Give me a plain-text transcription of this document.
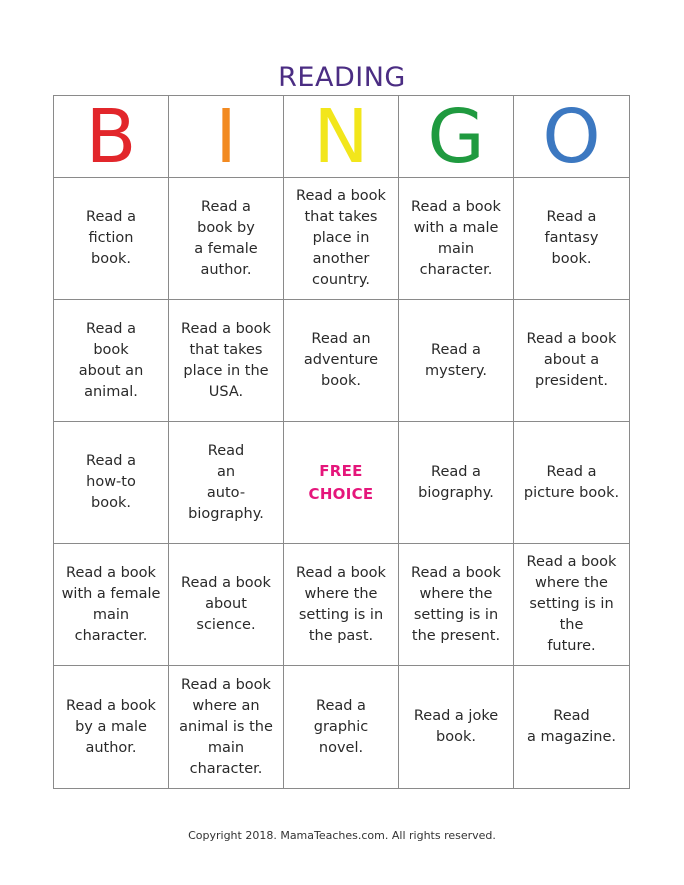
READING
B I N G O
Read a
fiction
book.
Read a
book by
a female
author.
Read a book
that takes
place in
another
country.
Read a book
with a male
main
character.
Read a
fantasy
book.
Read a
book
about an
animal.
Read a book
that takes
place in the
USA.
Read an
adventure
book.
Read a
mystery.
Read a book
about a
president.
Read a
how-to
book.
Read
an
auto-
biography.
FREE
CHOICE
Read a
biography.
Read a
picture book.
Read a book
with a female
main character.
Read a book
about
science.
Read a book
where the
setting is in
the past.
Read a book
where the
setting is in
the present.
Read a book
where the
setting is in the
future.
Read a book
by a male
author.
Read a book
where an
animal is the
main
character.
Read a
graphic
novel.
Read a joke
book.
Read
a magazine.
Copyright 2018. MamaTeaches.com. All rights reserved.
